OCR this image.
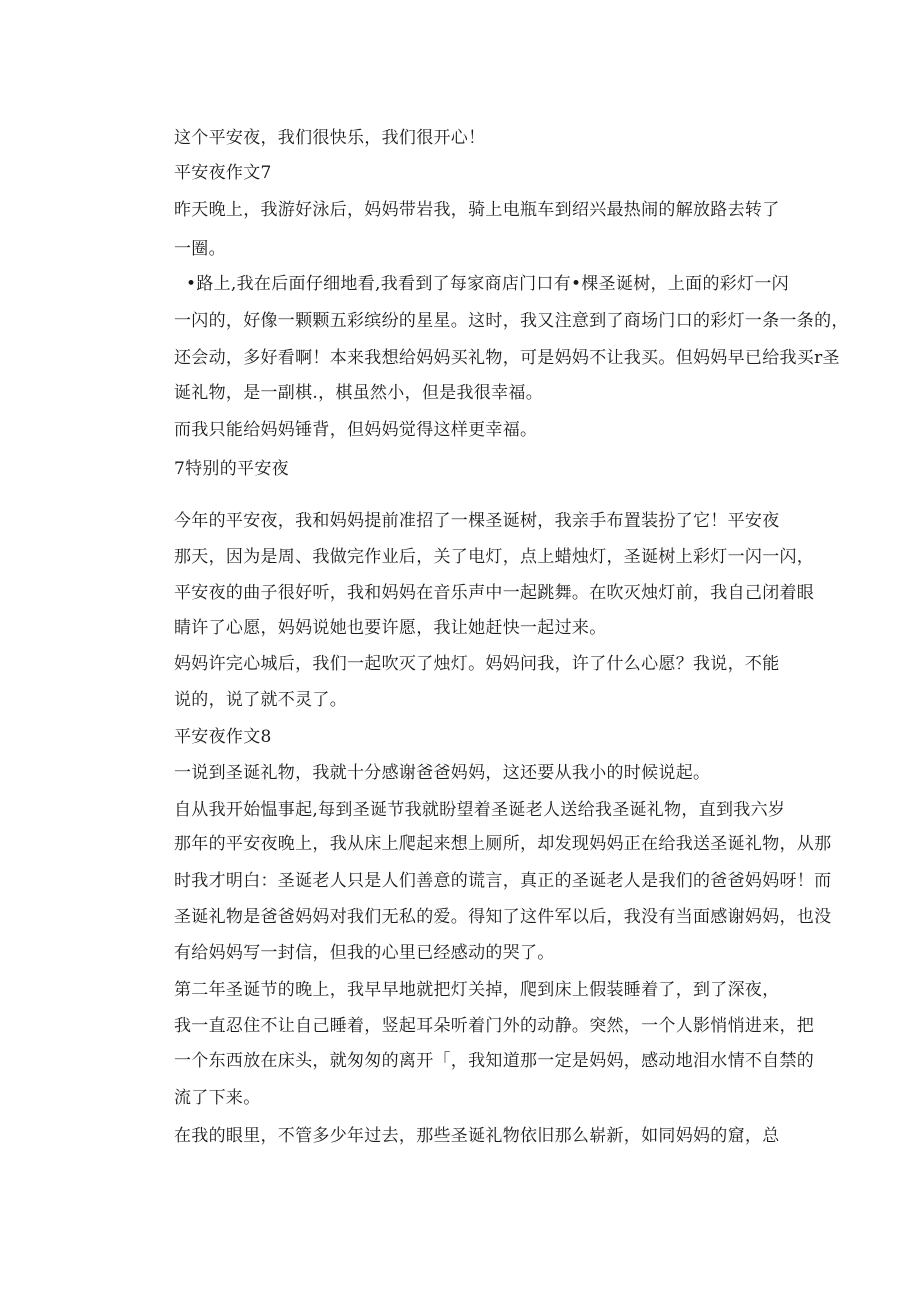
这个平安夜，我们很快乐，我们很开心！
平安夜作文7
昨天晚上，我游好泳后，妈妈带岩我，骑上电瓶车到绍兴最热闹的解放路去转了
一圈。
•路上,我在后面仔细地看,我看到了每家商店门口有•棵圣诞树，上面的彩灯一闪
一闪的，好像一颗颗五彩缤纷的星星。这时，我又注意到了商场门口的彩灯一条一条的，
还会动，多好看啊！本来我想给妈妈买礼物，可是妈妈不让我买。但妈妈早已给我买r圣
诞礼物，是一副棋.，棋虽然小，但是我很幸福。
而我只能给妈妈锤背，但妈妈觉得这样更幸福。
7特别的平安夜
今年的平安夜，我和妈妈提前准招了一棵圣诞树，我亲手布置装扮了它！平安夜
那天，因为是周、我做完作业后，关了电灯，点上蜡烛灯，圣诞树上彩灯一闪一闪，
平安夜的曲子很好听，我和妈妈在音乐声中一起跳舞。在吹灭烛灯前，我自己闭着眼
睛许了心愿，妈妈说她也要许愿，我让她赶快一起过来。
妈妈许完心城后，我们一起吹灭了烛灯。妈妈问我，许了什么心愿？我说，不能
说的，说了就不灵了。
平安夜作文8
一说到圣诞礼物，我就十分感谢爸爸妈妈，这还要从我小的时候说起。
自从我开始愠事起,每到圣诞节我就盼望着圣诞老人送给我圣诞礼物，直到我六岁
那年的平安夜晚上，我从床上爬起来想上厕所，却发现妈妈正在给我送圣诞礼物，从那
时我才明白：圣诞老人只是人们善意的谎言，真正的圣诞老人是我们的爸爸妈妈呀！而
圣诞礼物是爸爸妈妈对我们无私的爱。得知了这件军以后，我没有当面感谢妈妈，也没
有给妈妈写一封信，但我的心里已经感动的哭了。
第二年圣诞节的晚上，我早早地就把灯关掉，爬到床上假装睡着了，到了深夜，
我一直忍住不让自己睡着，竖起耳朵听着门外的动静。突然，一个人影悄悄进来，把
一个东西放在床头，就匆匆的离开「，我知道那一定是妈妈，感动地泪水情不自禁的
流了下来。
在我的眼里，不管多少年过去，那些圣诞礼物依旧那么崭新，如同妈妈的窟，总
